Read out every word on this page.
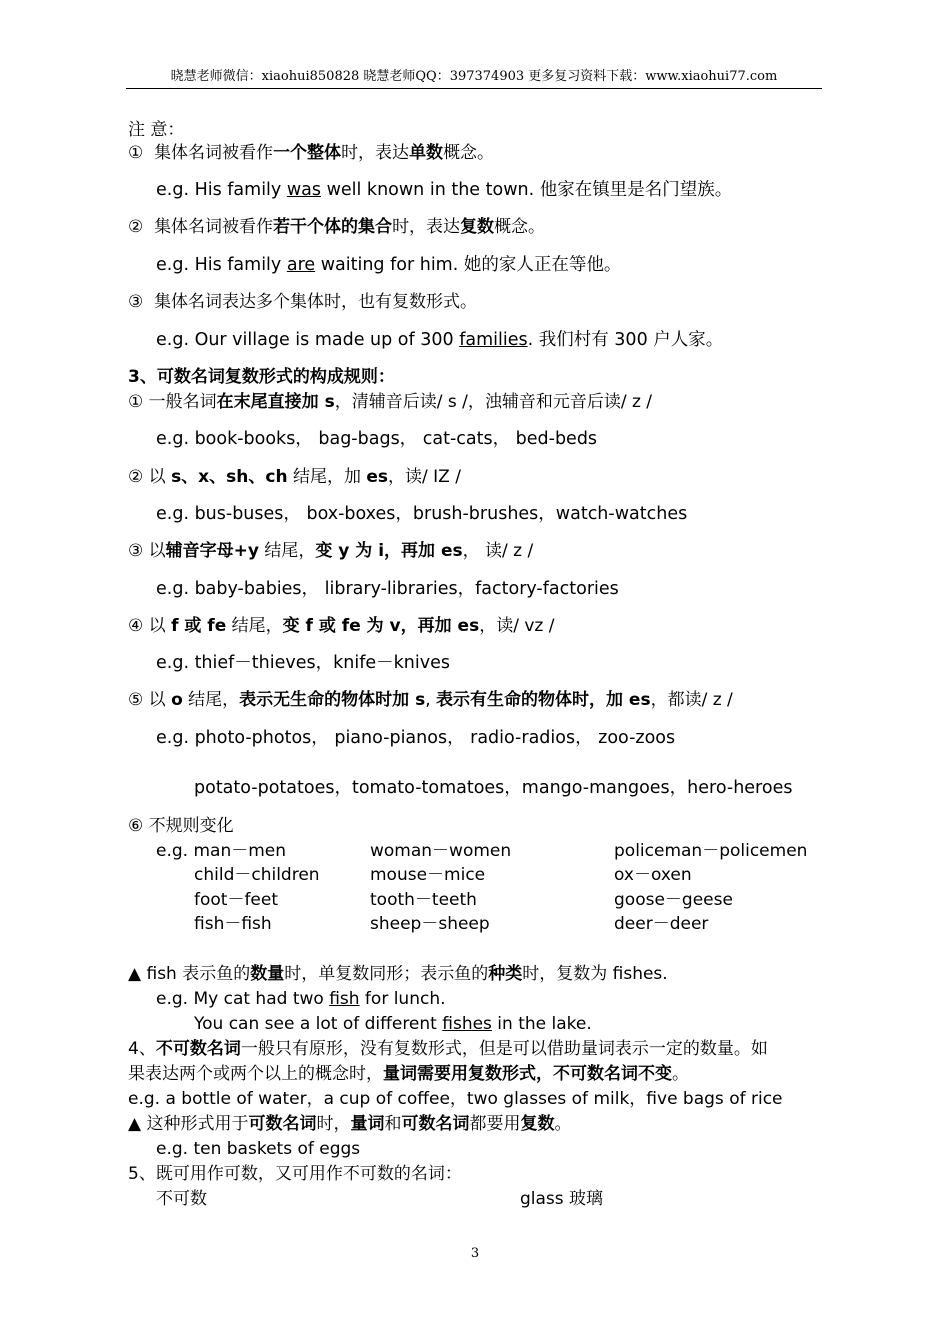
晓慧老师微信：xiaohui850828 晓慧老师QQ：397374903 更多复习资料下载：www.xiaohui77.com
注 意：
① 集体名词被看作一个整体时，表达单数概念。
e.g. His family was well known in the town. 他家在镇里是名门望族。
② 集体名词被看作若干个体的集合时，表达复数概念。
e.g. His family are waiting for him. 她的家人正在等他。
③ 集体名词表达多个集体时，也有复数形式。
e.g. Our village is made up of 300 families. 我们村有 300 户人家。
3、可数名词复数形式的构成规则：
① 一般名词在末尾直接加 s，清辅音后读/ s /，浊辅音和元音后读/ z /
e.g. book-books， bag-bags， cat-cats， bed-beds
② 以 s、x、sh、ch 结尾，加 es，读/ IZ /
e.g. bus-buses， box-boxes，brush-brushes，watch-watches
③ 以辅音字母+y 结尾，变 y 为 i，再加 es， 读/ z /
e.g. baby-babies， library-libraries，factory-factories
④ 以 f 或 fe 结尾，变 f 或 fe 为 v，再加 es，读/ vz /
e.g. thief－thieves，knife－knives
⑤ 以 o 结尾，表示无生命的物体时加 s, 表示有生命的物体时，加 es，都读/ z /
e.g. photo-photos， piano-pianos， radio-radios， zoo-zoos
potato-potatoes，tomato-tomatoes，mango-mangoes，hero-heroes
⑥ 不规则变化
e.g. man－men	woman－women	policeman－policemen
child－children	mouse－mice	ox－oxen
foot－feet	tooth－teeth	goose－geese
fish－fish	sheep－sheep	deer－deer
▲ fish 表示鱼的数量时，单复数同形；表示鱼的种类时，复数为 fishes.
e.g. My cat had two fish for lunch.
You can see a lot of different fishes in the lake.
4、不可数名词一般只有原形，没有复数形式，但是可以借助量词表示一定的数量。如
果表达两个或两个以上的概念时，量词需要用复数形式，不可数名词不变。
e.g. a bottle of water，a cup of coffee，two glasses of milk，five bags of rice
▲ 这种形式用于可数名词时，量词和可数名词都要用复数。
e.g. ten baskets of eggs
5、既可用作可数，又可用作不可数的名词：
不可数	glass 玻璃
3
